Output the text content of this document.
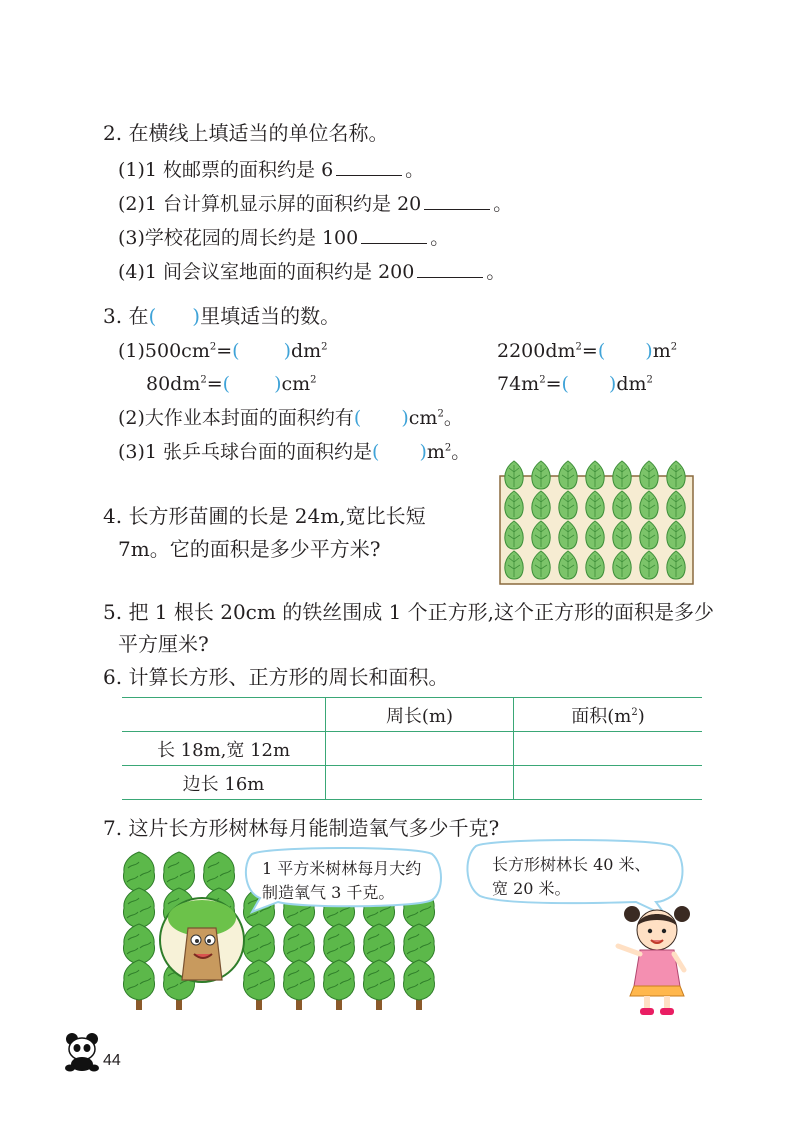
2. 在横线上填适当的单位名称。
(1)1 枚邮票的面积约是 6	。
(2)1 台计算机显示屏的面积约是 20	。
(3)学校花园的周长约是 100	。
(4)1 间会议室地面的面积约是 200	。
3. 在( )里填适当的数。
$(1)500cm^2=$( )$dm^2$	$2200dm^2=$( )$m^2$
$80dm^2=$( )$cm^2$	$74m^2=$( )$dm^2$
(2)大作业本封面的面积约有( )$cm^2$。
(3)1 张乒乓球台面的面积约是( )$m^2$。
4. 长方形苗圃的长是 24m,宽比长短
7m。它的面积是多少平方米?
5. 把 1 根长 20cm 的铁丝围成 1 个正方形,这个正方形的面积是多少
平方厘米?
6. 计算长方形、正方形的周长和面积。
	周长(m)	面积$(m^2)$
长 18m,宽 12m		
边长 16m		
7. 这片长方形树林每月能制造氧气多少千克?
1 平方米树林每月大约
制造氧气 3 千克。
长方形树林长 40 米、
宽 20 米。
44
